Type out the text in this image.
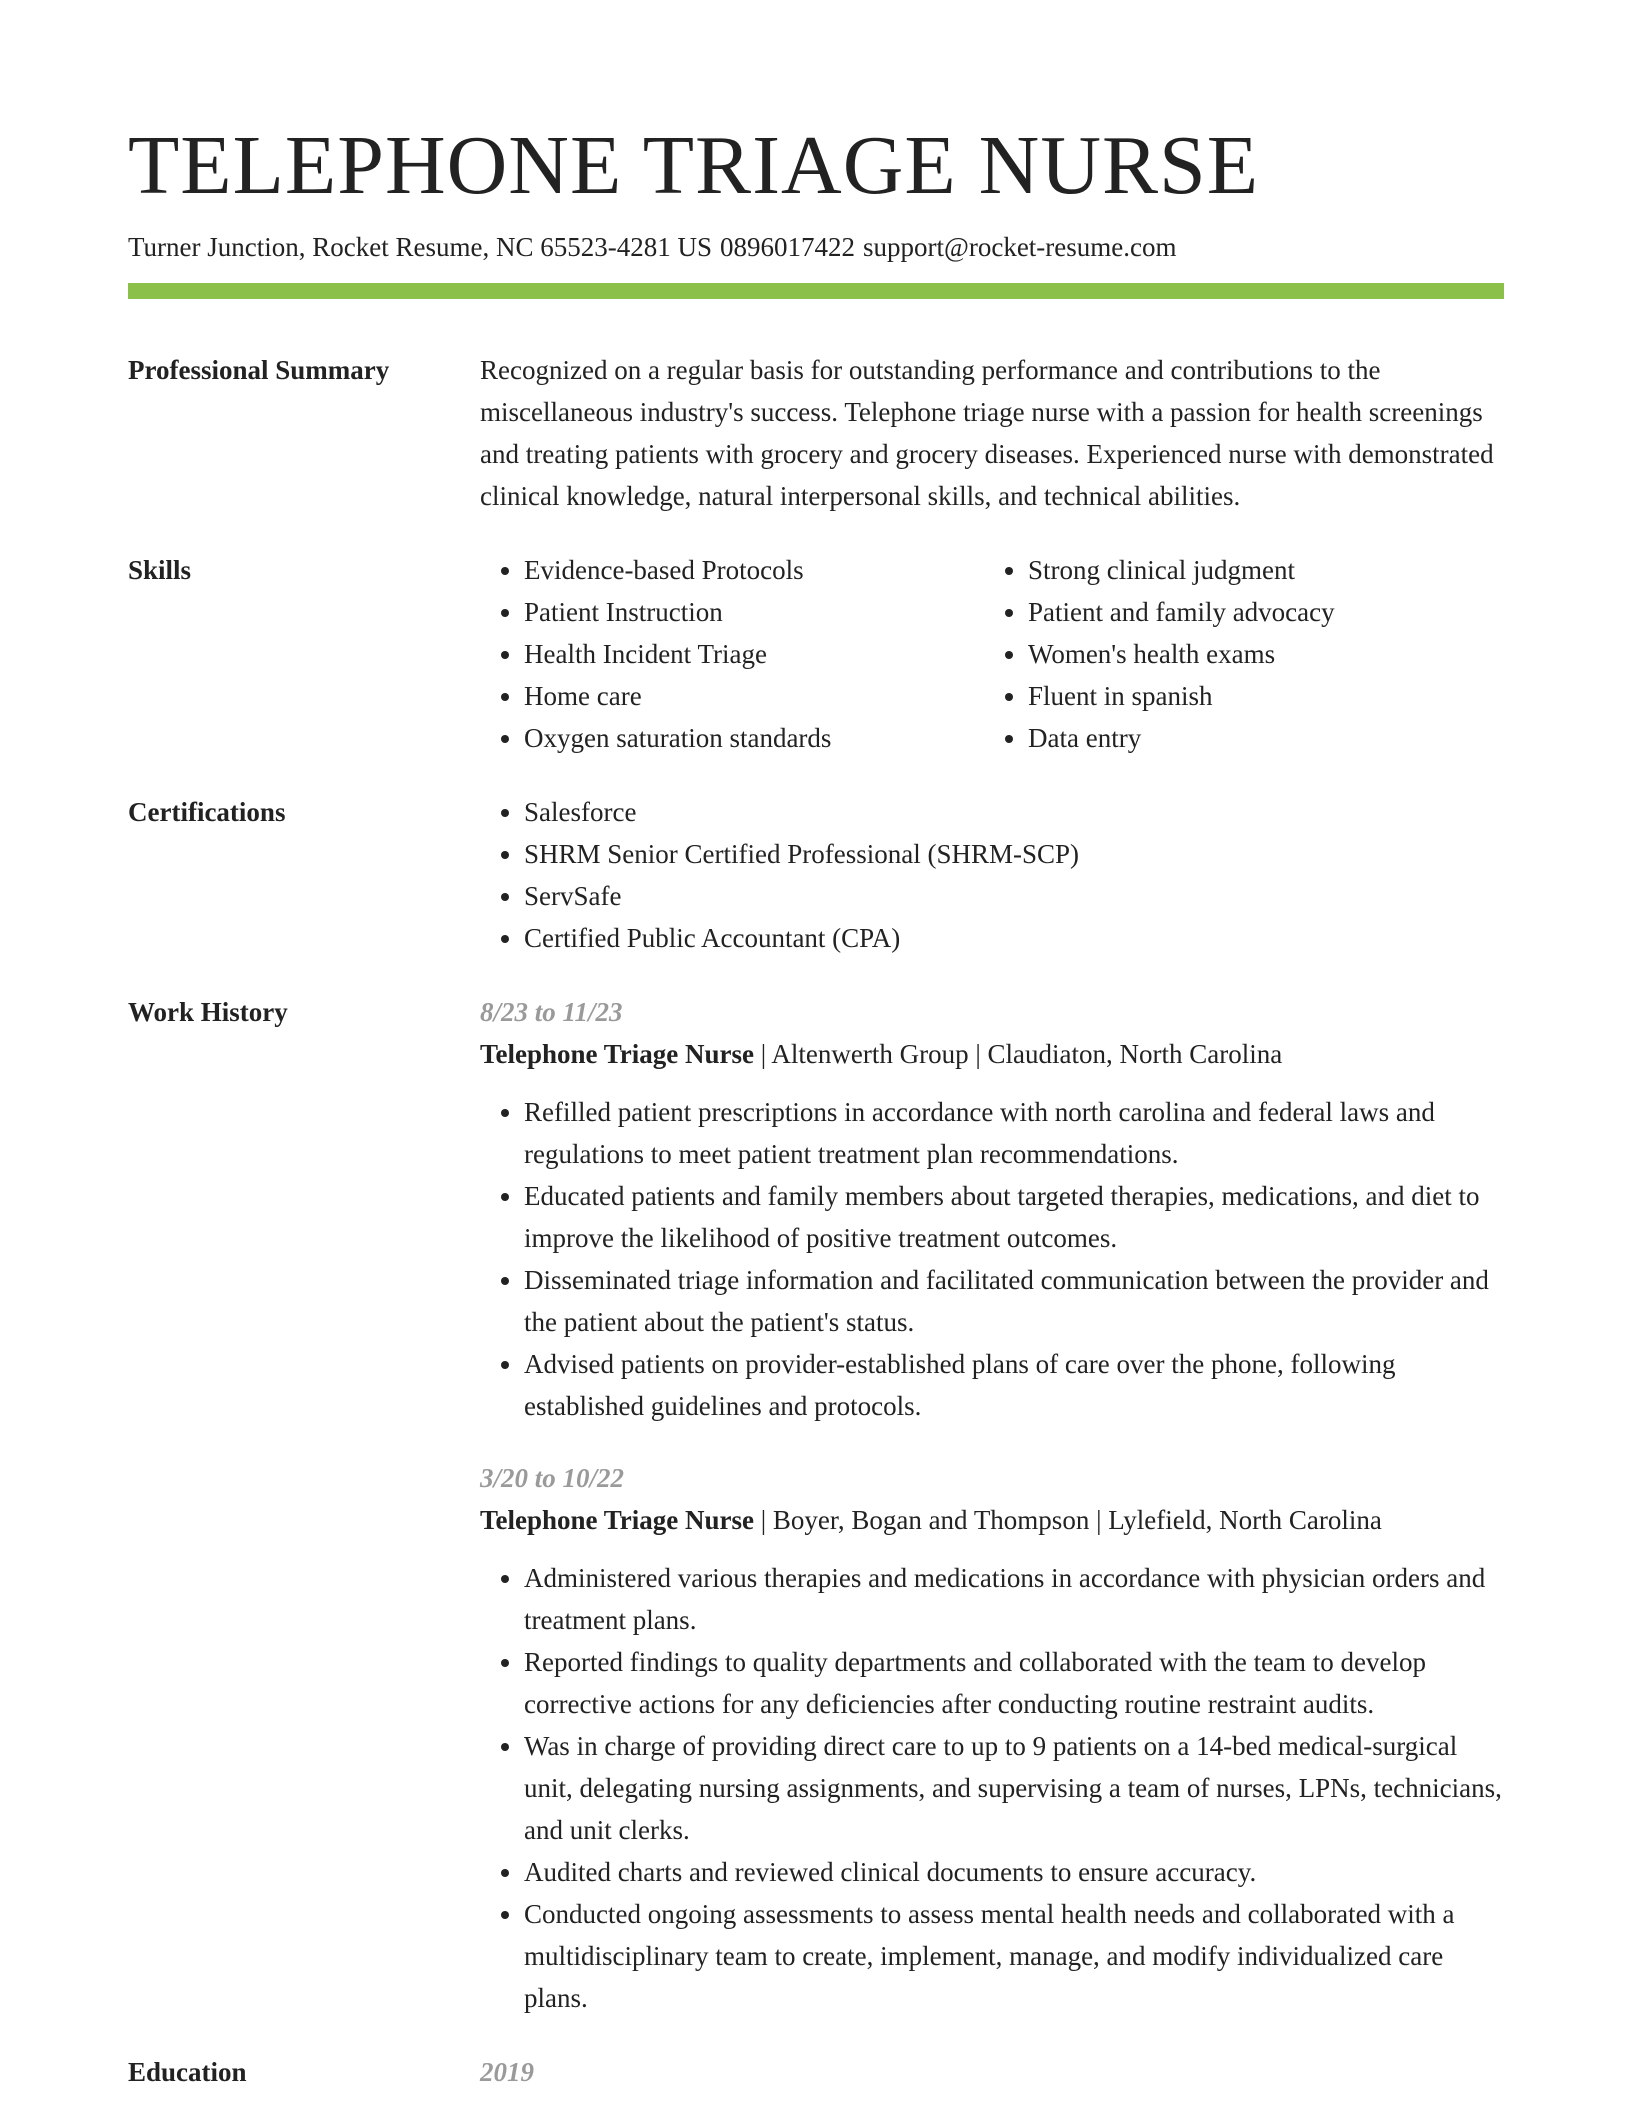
TELEPHONE TRIAGE NURSE
Turner Junction, Rocket Resume, NC 65523-4281 US 0896017422 support@rocket-resume.com
Professional Summary	Recognized on a regular basis for outstanding performance and contributions to the miscellaneous industry's success. Telephone triage nurse with a passion for health screenings and treating patients with grocery and grocery diseases. Experienced nurse with demonstrated clinical knowledge, natural interpersonal skills, and technical abilities.

Skills	• Evidence-based Protocols
• Patient Instruction
• Health Incident Triage
• Home care
• Oxygen saturation standards
• Strong clinical judgment
• Patient and family advocacy
• Women's health exams
• Fluent in spanish
• Data entry
Certifications	• Salesforce
• SHRM Senior Certified Professional (SHRM-SCP)
• ServSafe
• Certified Public Accountant (CPA)
Work History	8/23 to 11/23
Telephone Triage Nurse | Altenwerth Group | Claudiaton, North Carolina
• Refilled patient prescriptions in accordance with north carolina and federal laws and regulations to meet patient treatment plan recommendations.
• Educated patients and family members about targeted therapies, medications, and diet to improve the likelihood of positive treatment outcomes.
• Disseminated triage information and facilitated communication between the provider and the patient about the patient's status.
• Advised patients on provider-established plans of care over the phone, following established guidelines and protocols.
3/20 to 10/22
Telephone Triage Nurse | Boyer, Bogan and Thompson | Lylefield, North Carolina
• Administered various therapies and medications in accordance with physician orders and treatment plans.
• Reported findings to quality departments and collaborated with the team to develop corrective actions for any deficiencies after conducting routine restraint audits.
• Was in charge of providing direct care to up to 9 patients on a 14-bed medical-surgical unit, delegating nursing assignments, and supervising a team of nurses, LPNs, technicians, and unit clerks.
• Audited charts and reviewed clinical documents to ensure accuracy.
• Conducted ongoing assessments to assess mental health needs and collaborated with a multidisciplinary team to create, implement, manage, and modify individualized care plans.
Education	2019
